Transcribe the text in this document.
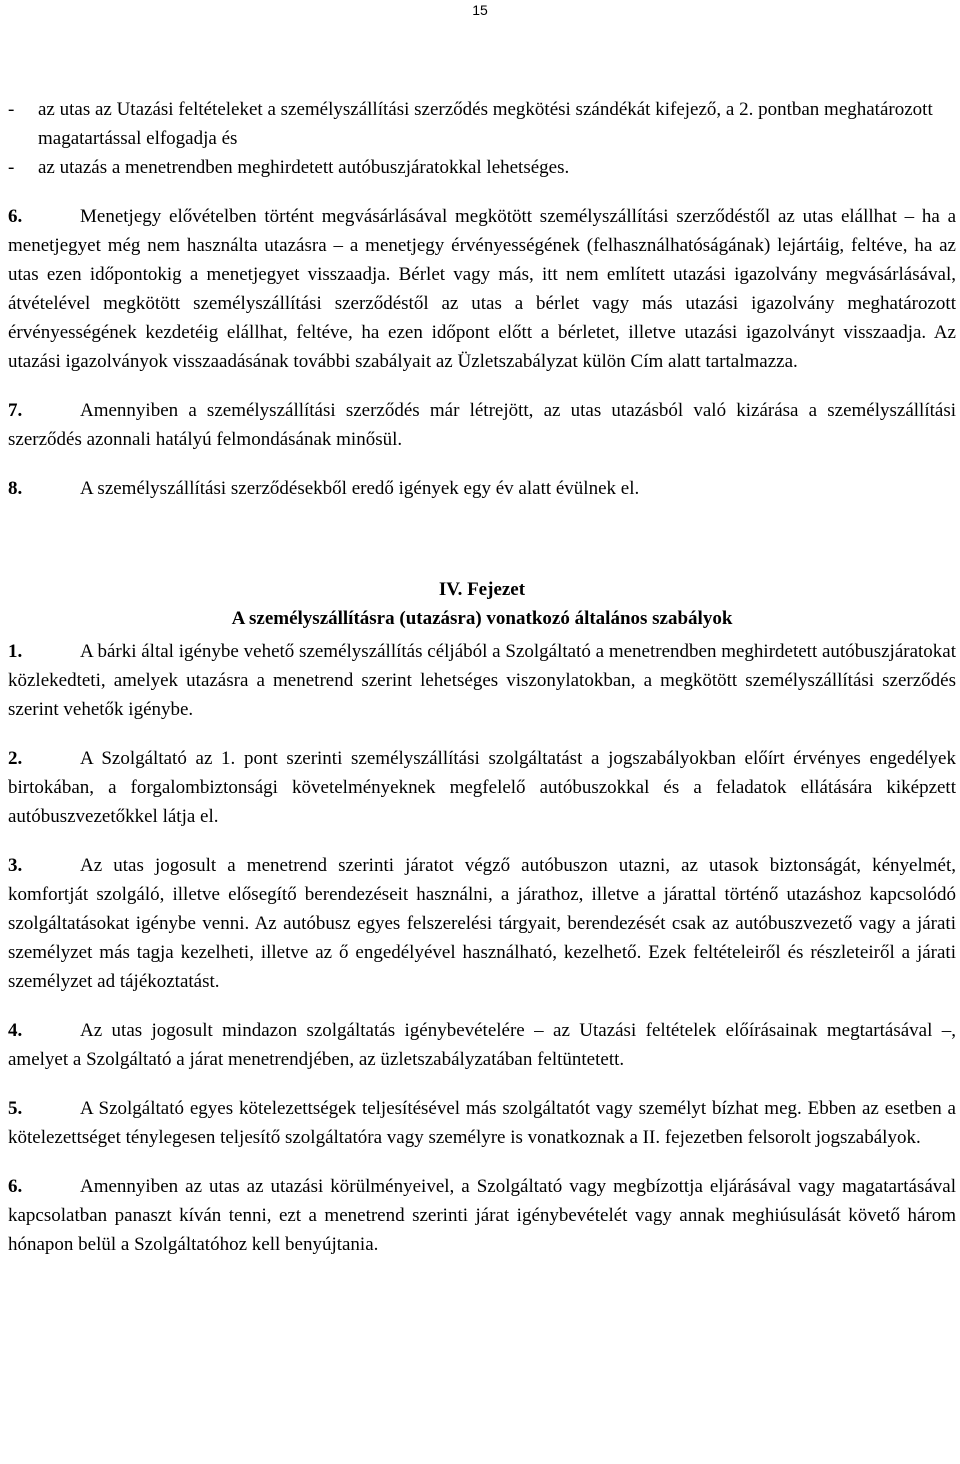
15
-	az utas az Utazási feltételeket a személyszállítási szerződés megkötési szándékát kifejező, a 2. pontban meghatározott magatartással elfogadja és
-	az utazás a menetrendben meghirdetett autóbuszjáratokkal lehetséges.

6.	Menetjegy elővételben történt megvásárlásával megkötött személyszállítási szerződéstől az utas elállhat – ha a menetjegyet még nem használta utazásra – a menetjegy érvényességének (felhasználhatóságának) lejártáig, feltéve, ha az utas ezen időpontokig a menetjegyet visszaadja. Bérlet vagy más, itt nem említett utazási igazolvány megvásárlásával, átvételével megkötött személyszállítási szerződéstől az utas a bérlet vagy más utazási igazolvány meghatározott érvényességének kezdetéig elállhat, feltéve, ha ezen időpont előtt a bérletet, illetve utazási igazolványt visszaadja. Az utazási igazolványok visszaadásának további szabályait az Üzletszabályzat külön Cím alatt tartalmazza.

7.	Amennyiben a személyszállítási szerződés már létrejött, az utas utazásból való kizárása a személyszállítási szerződés azonnali hatályú felmondásának minősül.

8.	A személyszállítási szerződésekből eredő igények egy év alatt évülnek el.

IV. Fejezet

A személyszállításra (utazásra) vonatkozó általános szabályok

1.	A bárki által igénybe vehető személyszállítás céljából a Szolgáltató a menetrendben meghirdetett autóbuszjáratokat közlekedteti, amelyek utazásra a menetrend szerint lehetséges viszonylatokban, a megkötött személyszállítási szerződés szerint vehetők igénybe.

2.	A Szolgáltató az 1. pont szerinti személyszállítási szolgáltatást a jogszabályokban előírt érvényes engedélyek birtokában, a forgalombiztonsági követelményeknek megfelelő autóbuszokkal és a feladatok ellátására kiképzett autóbuszvezetőkkel látja el.

3.	Az utas jogosult a menetrend szerinti járatot végző autóbuszon utazni, az utasok biztonságát, kényelmét, komfortját szolgáló, illetve elősegítő berendezéseit használni, a járathoz, illetve a járattal történő utazáshoz kapcsolódó szolgáltatásokat igénybe venni. Az autóbusz egyes felszerelési tárgyait, berendezését csak az autóbuszvezető vagy a járati személyzet más tagja kezelheti, illetve az ő engedélyével használható, kezelhető. Ezek feltételeiről és részleteiről a járati személyzet ad tájékoztatást.

4.	Az utas jogosult mindazon szolgáltatás igénybevételére – az Utazási feltételek előírásainak megtartásával –, amelyet a Szolgáltató a járat menetrendjében, az üzletszabályzatában feltüntetett.

5.	A Szolgáltató egyes kötelezettségek teljesítésével más szolgáltatót vagy személyt bízhat meg. Ebben az esetben a kötelezettséget ténylegesen teljesítő szolgáltatóra vagy személyre is vonatkoznak a II. fejezetben felsorolt jogszabályok.

6.	Amennyiben az utas az utazási körülményeivel, a Szolgáltató vagy megbízottja eljárásával vagy magatartásával kapcsolatban panaszt kíván tenni, ezt a menetrend szerinti járat igénybevételét vagy annak meghiúsulását követő három hónapon belül a Szolgáltatóhoz kell benyújtania.
